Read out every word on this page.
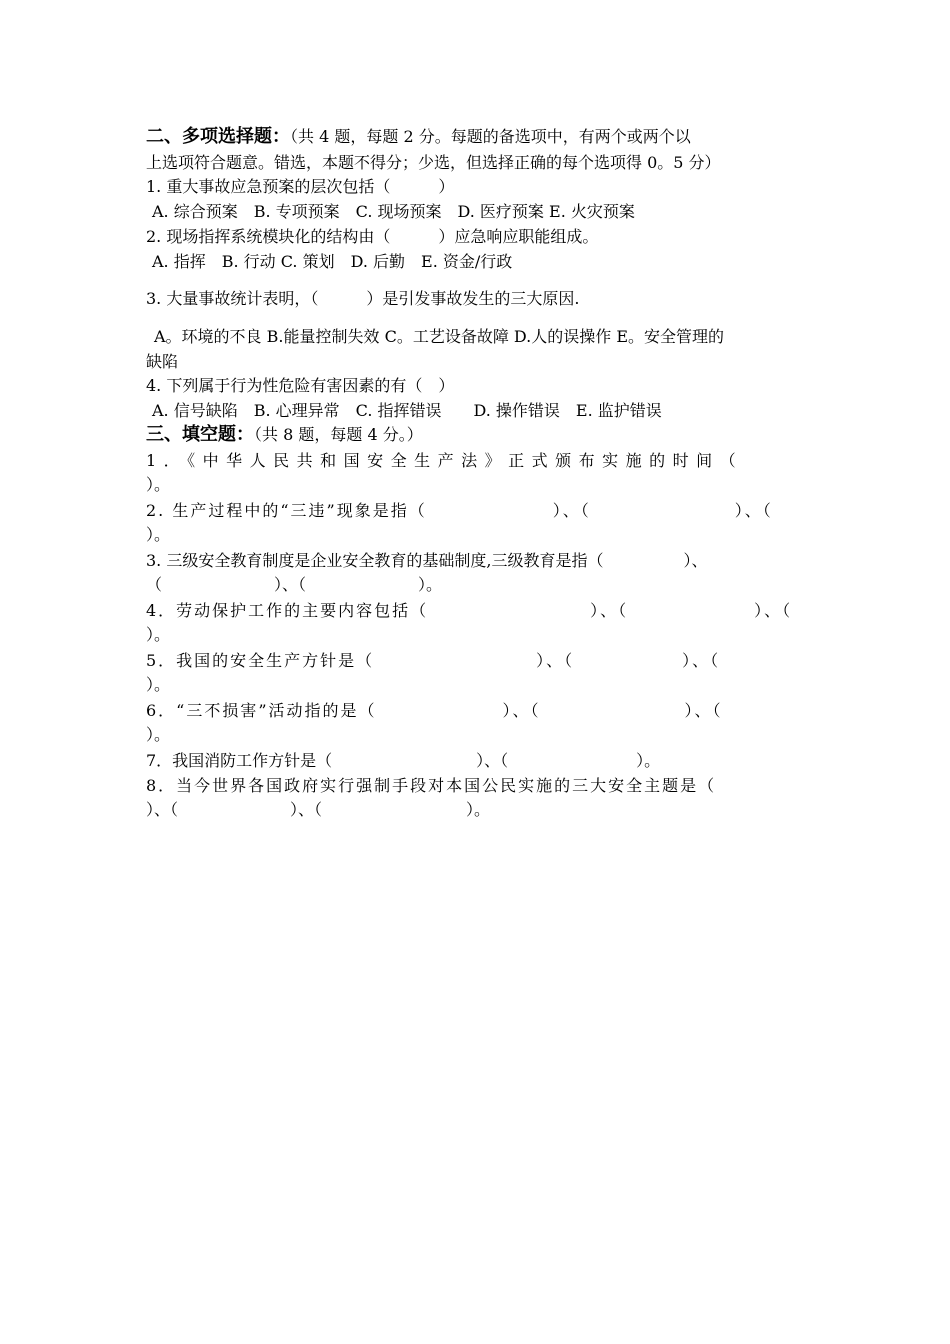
二、多项选择题：（共 4 题，每题 2 分。每题的备选项中，有两个或两个以
上选项符合题意。错选，本题不得分；少选，但选择正确的每个选项得 0。5 分）
1. 重大事故应急预案的层次包括（　　　）
A. 综合预案　B. 专项预案　C. 现场预案　D. 医疗预案 E. 火灾预案
2. 现场指挥系统模块化的结构由（　　　）应急响应职能组成。
A. 指挥　B. 行动 C. 策划　D. 后勤　E. 资金/行政
3. 大量事故统计表明，（　　　）是引发事故发生的三大原因.
A。环境的不良 B.能量控制失效 C。工艺设备故障 D.人的误操作 E。安全管理的
缺陷
4. 下列属于行为性危险有害因素的有（　）
A. 信号缺陷　B. 心理异常　C. 指挥错误　　D. 操作错误　E. 监护错误
三、填空题：（共 8 题，每题 4 分。）
1．《中华人民共和国安全生产法》正式颁布实施的时间（
）。
2. 生产过程中的“三违”现象是指（　　　　　　　）、（　　　　　　　　）、（
）。
3. 三级安全教育制度是企业安全教育的基础制度,三级教育是指（　　　　　）、
（　　　　　　　）、（　　　　　　　）。
4．劳动保护工作的主要内容包括（　　　　　　　　　）、（　　　　　　　）、（
）。
5．我国的安全生产方针是（　　　　　　　　　）、（　　　　　　）、（
）。
6．“三不损害”活动指的是（　　　　　　　）、（　　　　　　　　）、（
）。
7．我国消防工作方针是（　　　　　　　　　）、（　　　　　　　　）。
8．当今世界各国政府实行强制手段对本国公民实施的三大安全主题是（
）、（　　　　　　　）、（　　　　　　　　　）。
